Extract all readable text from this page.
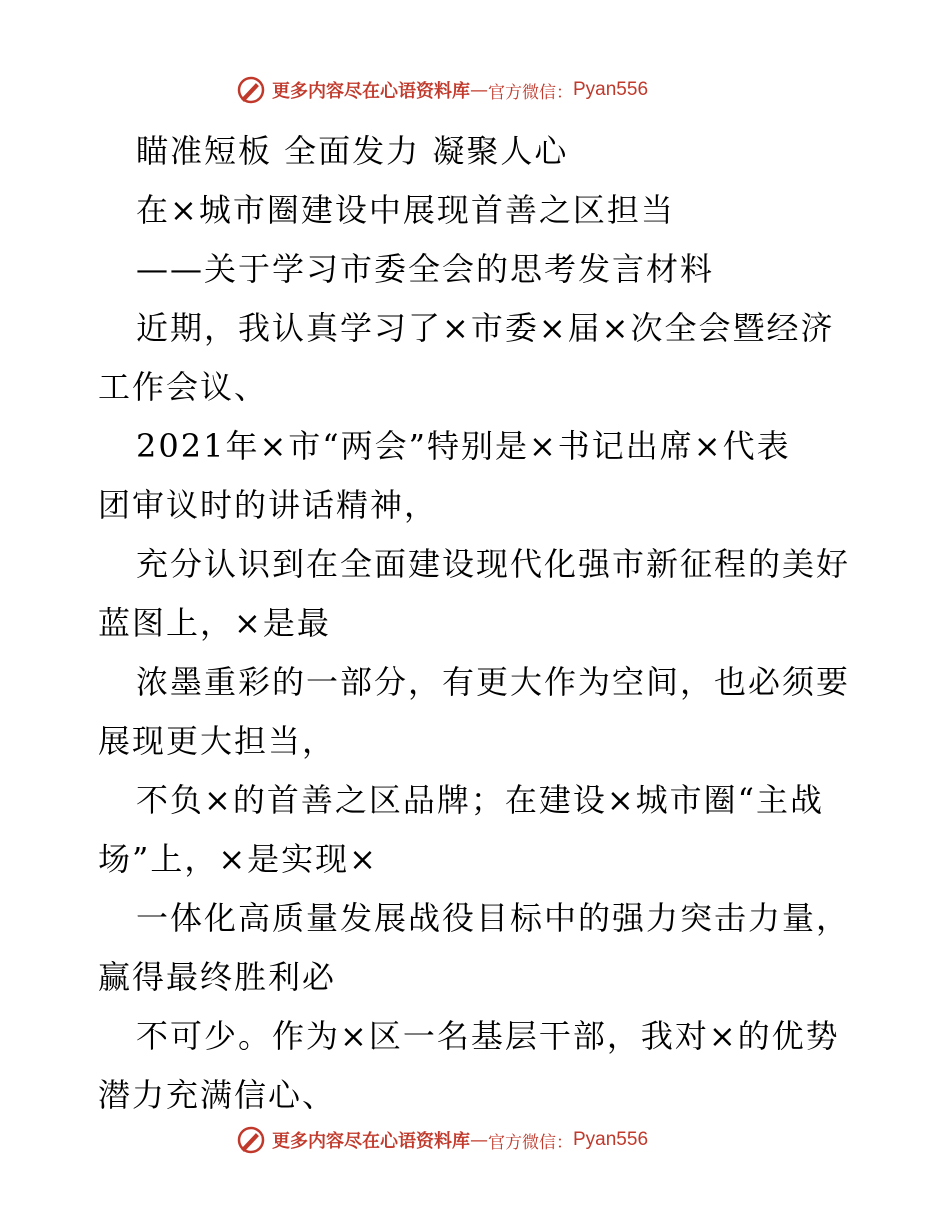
更多内容尽在心语资料库 — 官方微信： Pyan556
瞄准短板 全面发力 凝聚人心
在×城市圈建设中展现首善之区担当
——关于学习市委全会的思考发言材料
近期，我认真学习了×市委×届×次全会暨经济
工作会议、
2021年×市“两会”特别是×书记出席×代表
团审议时的讲话精神，
充分认识到在全面建设现代化强市新征程的美好
蓝图上，×是最
浓墨重彩的一部分，有更大作为空间，也必须要
展现更大担当，
不负×的首善之区品牌；在建设×城市圈“主战
场”上，×是实现×
一体化高质量发展战役目标中的强力突击力量，
赢得最终胜利必
不可少。作为×区一名基层干部，我对×的优势
潜力充满信心、
更多内容尽在心语资料库 — 官方微信： Pyan556
